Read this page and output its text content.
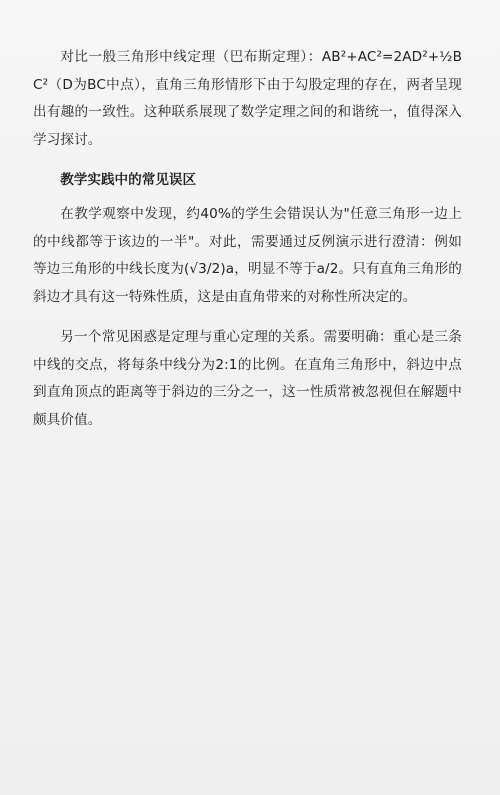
对比一般三角形中线定理（巴布斯定理）：AB²+AC²=2AD²+½BC²（D为BC中点），直角三角形情形下由于勾股定理的存在，两者呈现出有趣的一致性。这种联系展现了数学定理之间的和谐统一，值得深入学习探讨。

教学实践中的常见误区

在教学观察中发现，约40%的学生会错误认为"任意三角形一边上的中线都等于该边的一半"。对此，需要通过反例演示进行澄清：例如等边三角形的中线长度为(√3/2)a，明显不等于a/2。只有直角三角形的斜边才具有这一特殊性质，这是由直角带来的对称性所决定的。

另一个常见困惑是定理与重心定理的关系。需要明确：重心是三条中线的交点，将每条中线分为2:1的比例。在直角三角形中，斜边中点到直角顶点的距离等于斜边的三分之一，这一性质常被忽视但在解题中颇具价值。
